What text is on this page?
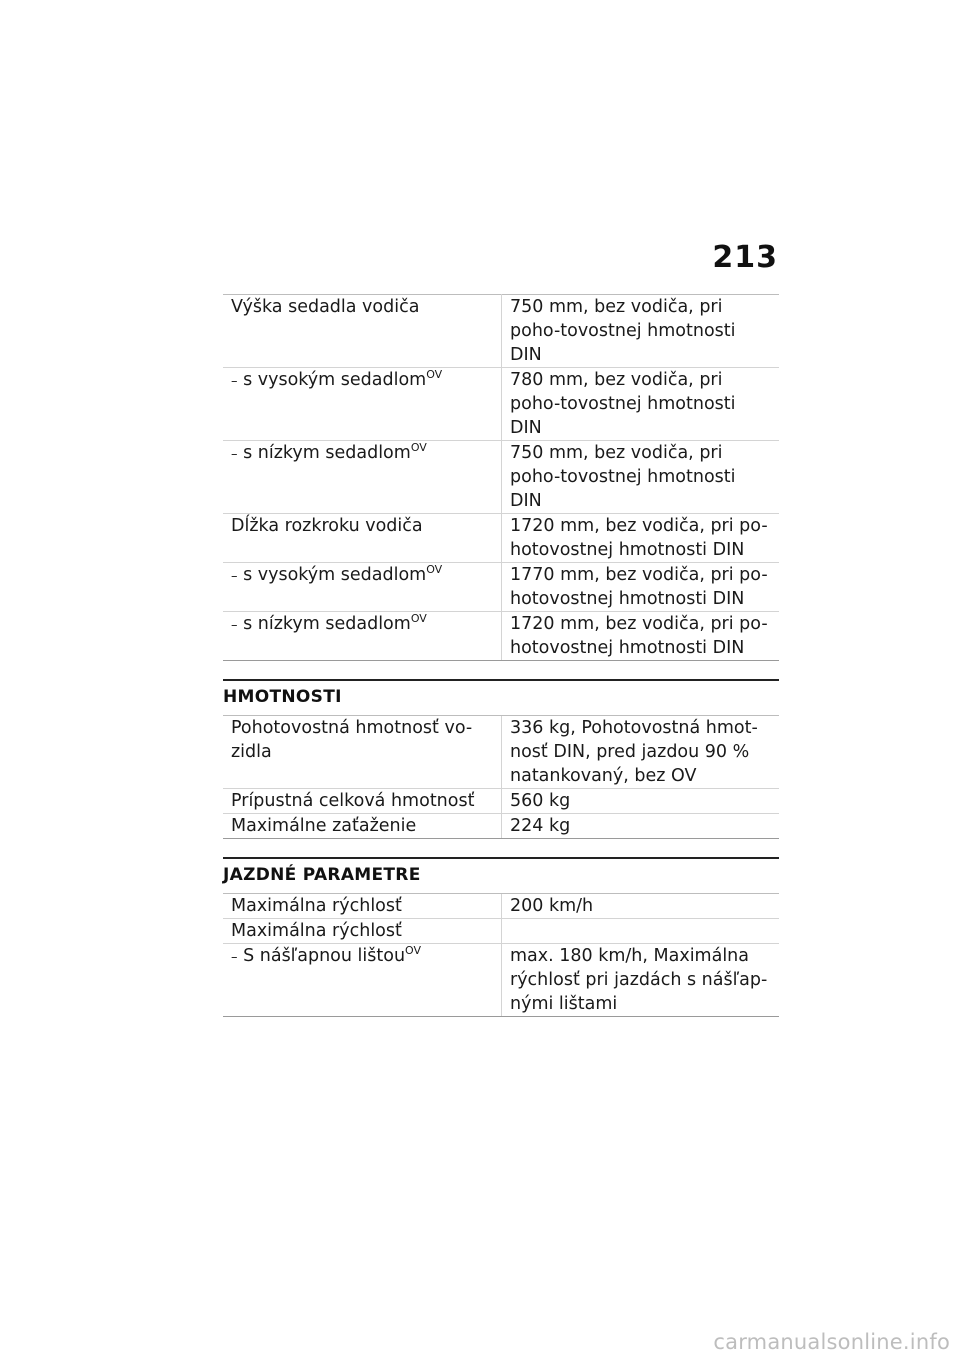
213
Výška sedadla vodiča	750 mm, bez vodiča, pri poho-tovostnej hmotnosti DIN
– s vysokým sedadlom$^{OV}$	780 mm, bez vodiča, pri poho-tovostnej hmotnosti DIN
– s nízkym sedadlom$^{OV}$	750 mm, bez vodiča, pri poho-tovostnej hmotnosti DIN
Dĺžka rozkroku vodiča	1720 mm, bez vodiča, pri po-hotovostnej hmotnosti DIN
– s vysokým sedadlom$^{OV}$	1770 mm, bez vodiča, pri po-hotovostnej hmotnosti DIN
– s nízkym sedadlom$^{OV}$	1720 mm, bez vodiča, pri po-hotovostnej hmotnosti DIN
HMOTNOSTI
Pohotovostná hmotnosť vo-zidla	336 kg, Pohotovostná hmot-nosť DIN, pred jazdou 90 % natankovaný, bez OV
Prípustná celková hmotnosť	560 kg
Maximálne zaťaženie	224 kg
JAZDNÉ PARAMETRE
Maximálna rýchlosť	200 km/h
Maximálna rýchlosť	
– S nášľapnou lištou$^{OV}$	max. 180 km/h, Maximálna rýchlosť pri jazdách s nášľap-nými lištami
carmanualsonline.info
